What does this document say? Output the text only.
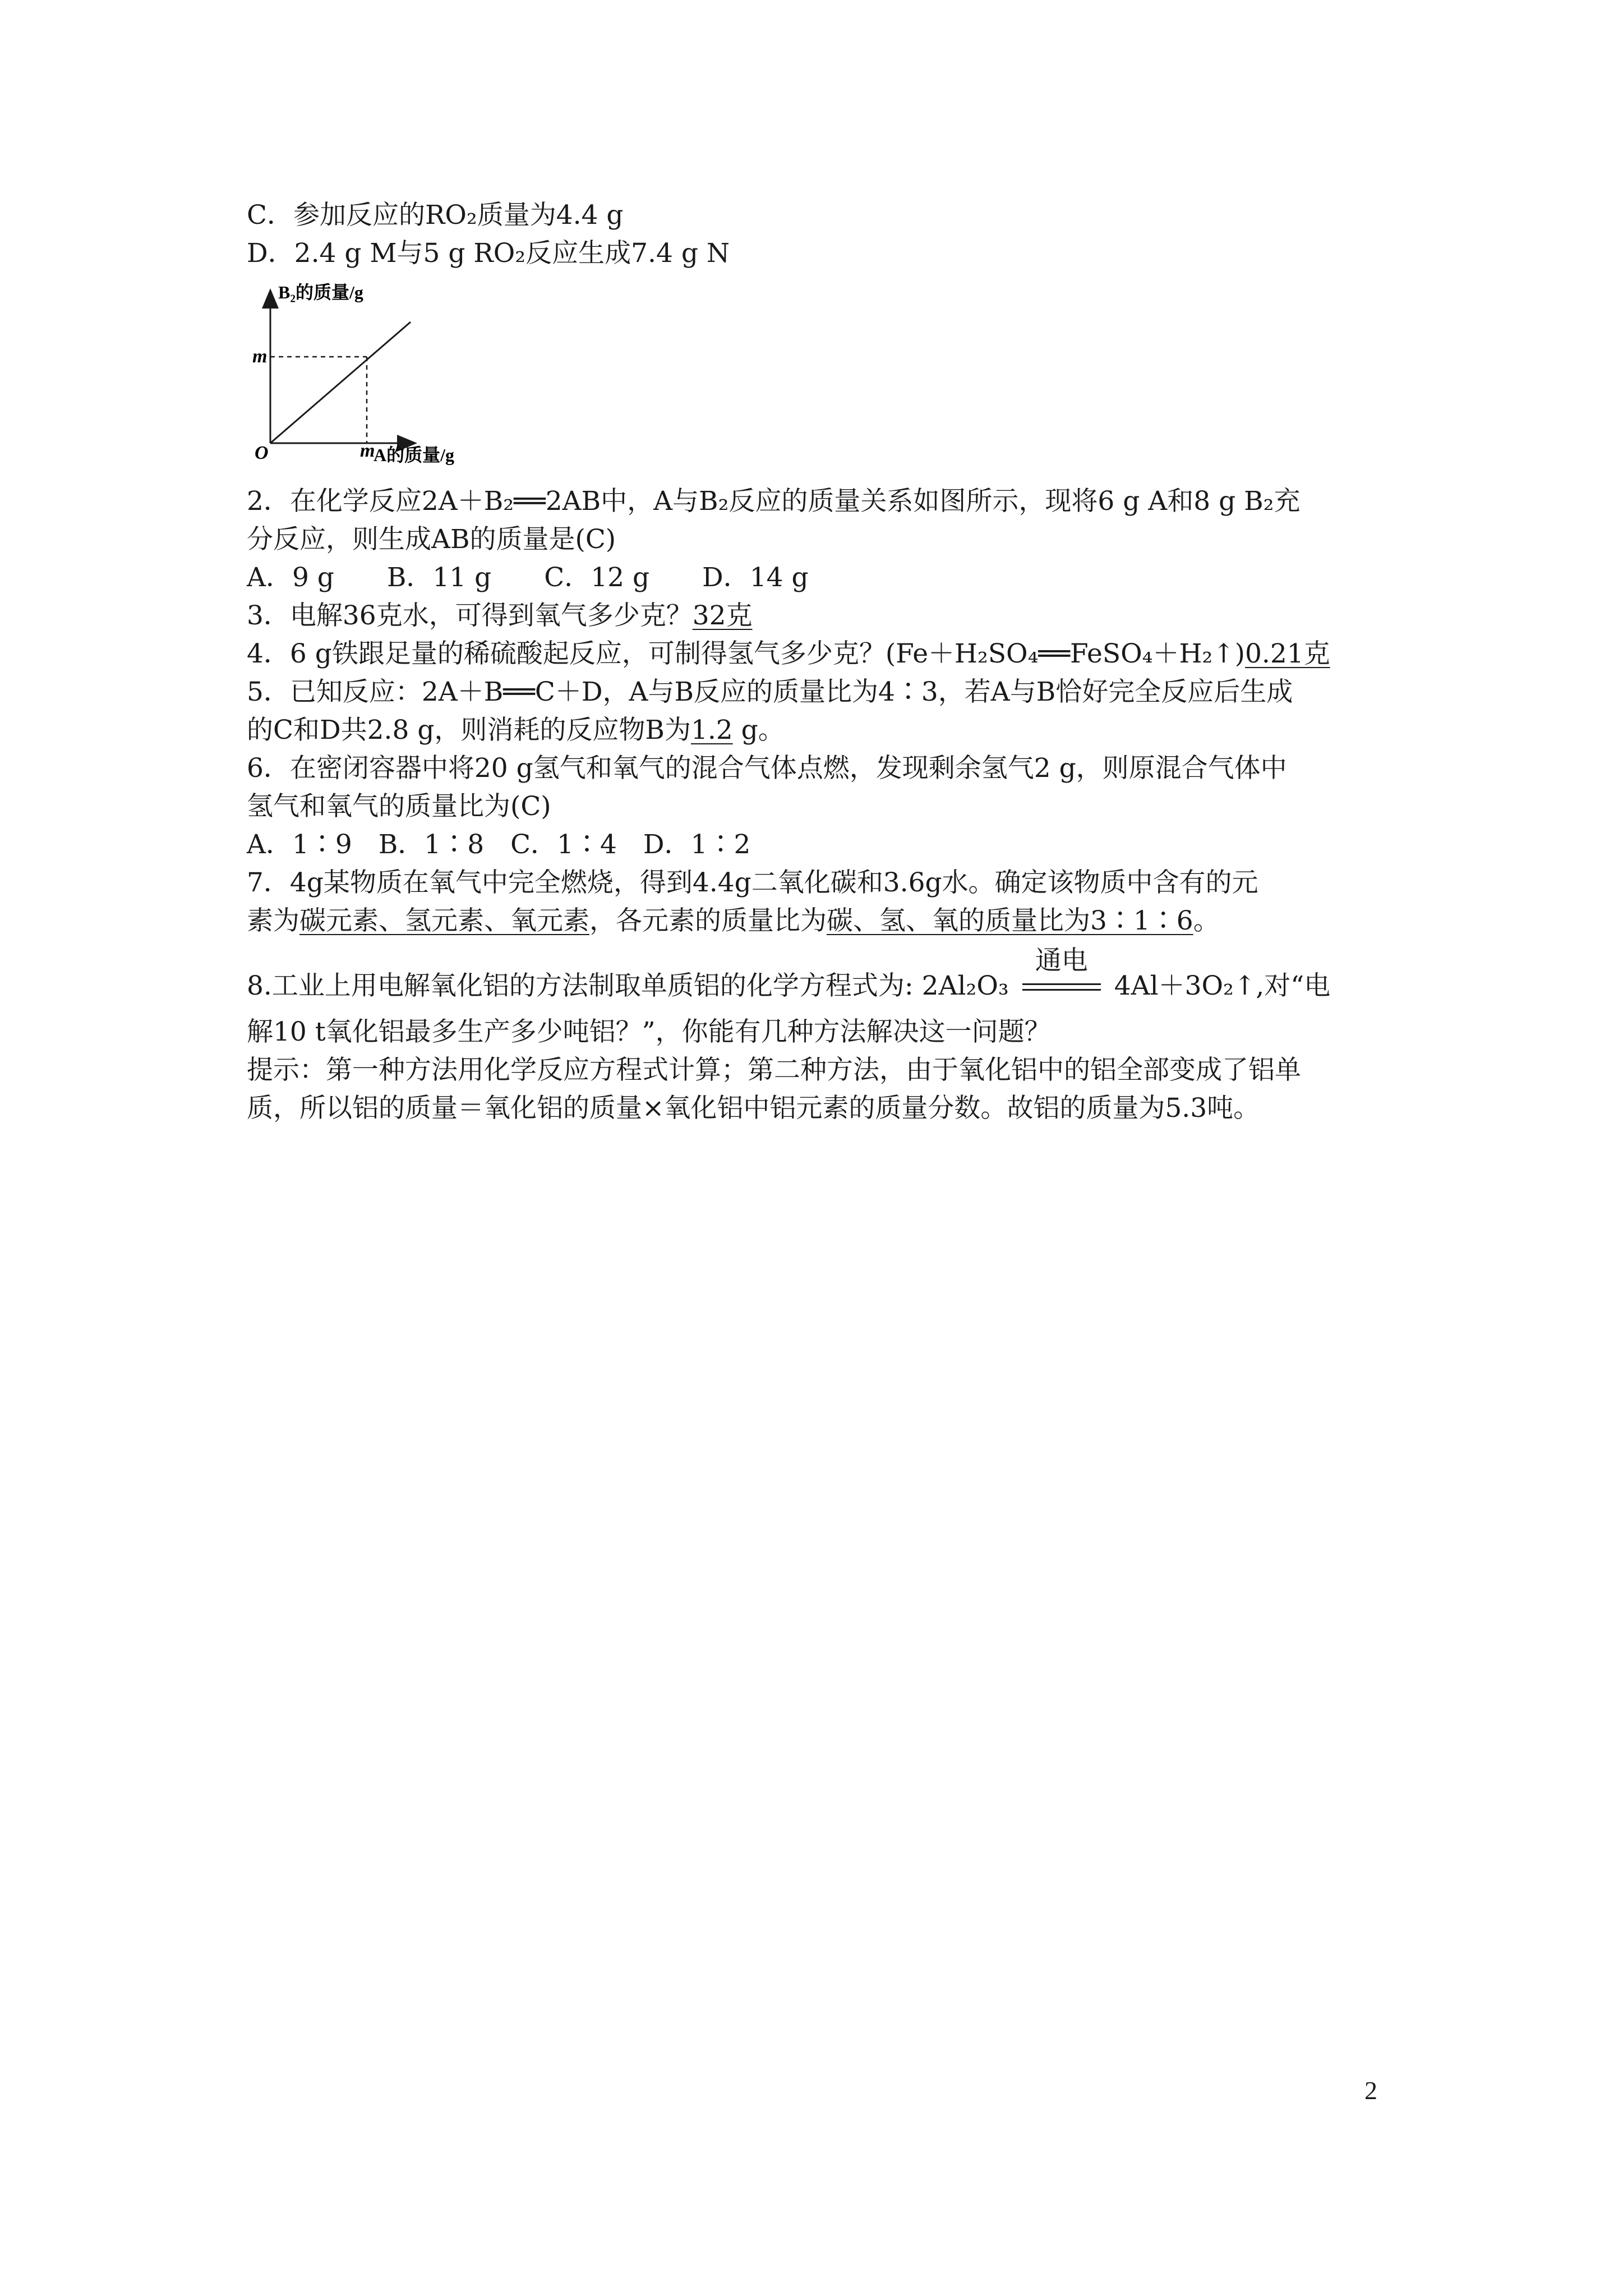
C．参加反应的RO₂质量为4.4 g
D．2.4 g M与5 g RO₂反应生成7.4 g N
B₂的质量/g
A的质量/g
O
m
m
2．在化学反应2A＋B₂══2AB中，A与B₂反应的质量关系如图所示，现将6 g A和8 g B₂充
分反应，则生成AB的质量是(C)
A．9 g　　B．11 g　　C．12 g　　D．14 g
3．电解36克水，可得到氧气多少克？32克
4．6 g铁跟足量的稀硫酸起反应，可制得氢气多少克？(Fe＋H₂SO₄══FeSO₄＋H₂↑)0.21克
5．已知反应：2A＋B══C＋D，A与B反应的质量比为4∶3，若A与B恰好完全反应后生成
的C和D共2.8 g，则消耗的反应物B为1.2 g。
6．在密闭容器中将20 g氢气和氧气的混合气体点燃，发现剩余氢气2 g，则原混合气体中
氢气和氧气的质量比为(C)
A．1∶9　B．1∶8　C．1∶4　D．1∶2
7．4g某物质在氧气中完全燃烧，得到4.4g二氧化碳和3.6g水。确定该物质中含有的元
素为碳元素、氢元素、氧元素，各元素的质量比为碳、氢、氧的质量比为3∶1∶6。
8.工业上用电解氧化铝的方法制取单质铝的化学方程式为: 2Al₂O₃
通电
4Al＋3O₂↑,对“电
解10 t氧化铝最多生产多少吨铝？”，你能有几种方法解决这一问题？
提示：第一种方法用化学反应方程式计算；第二种方法，由于氧化铝中的铝全部变成了铝单
质，所以铝的质量＝氧化铝的质量×氧化铝中铝元素的质量分数。故铝的质量为5.3吨。
2
